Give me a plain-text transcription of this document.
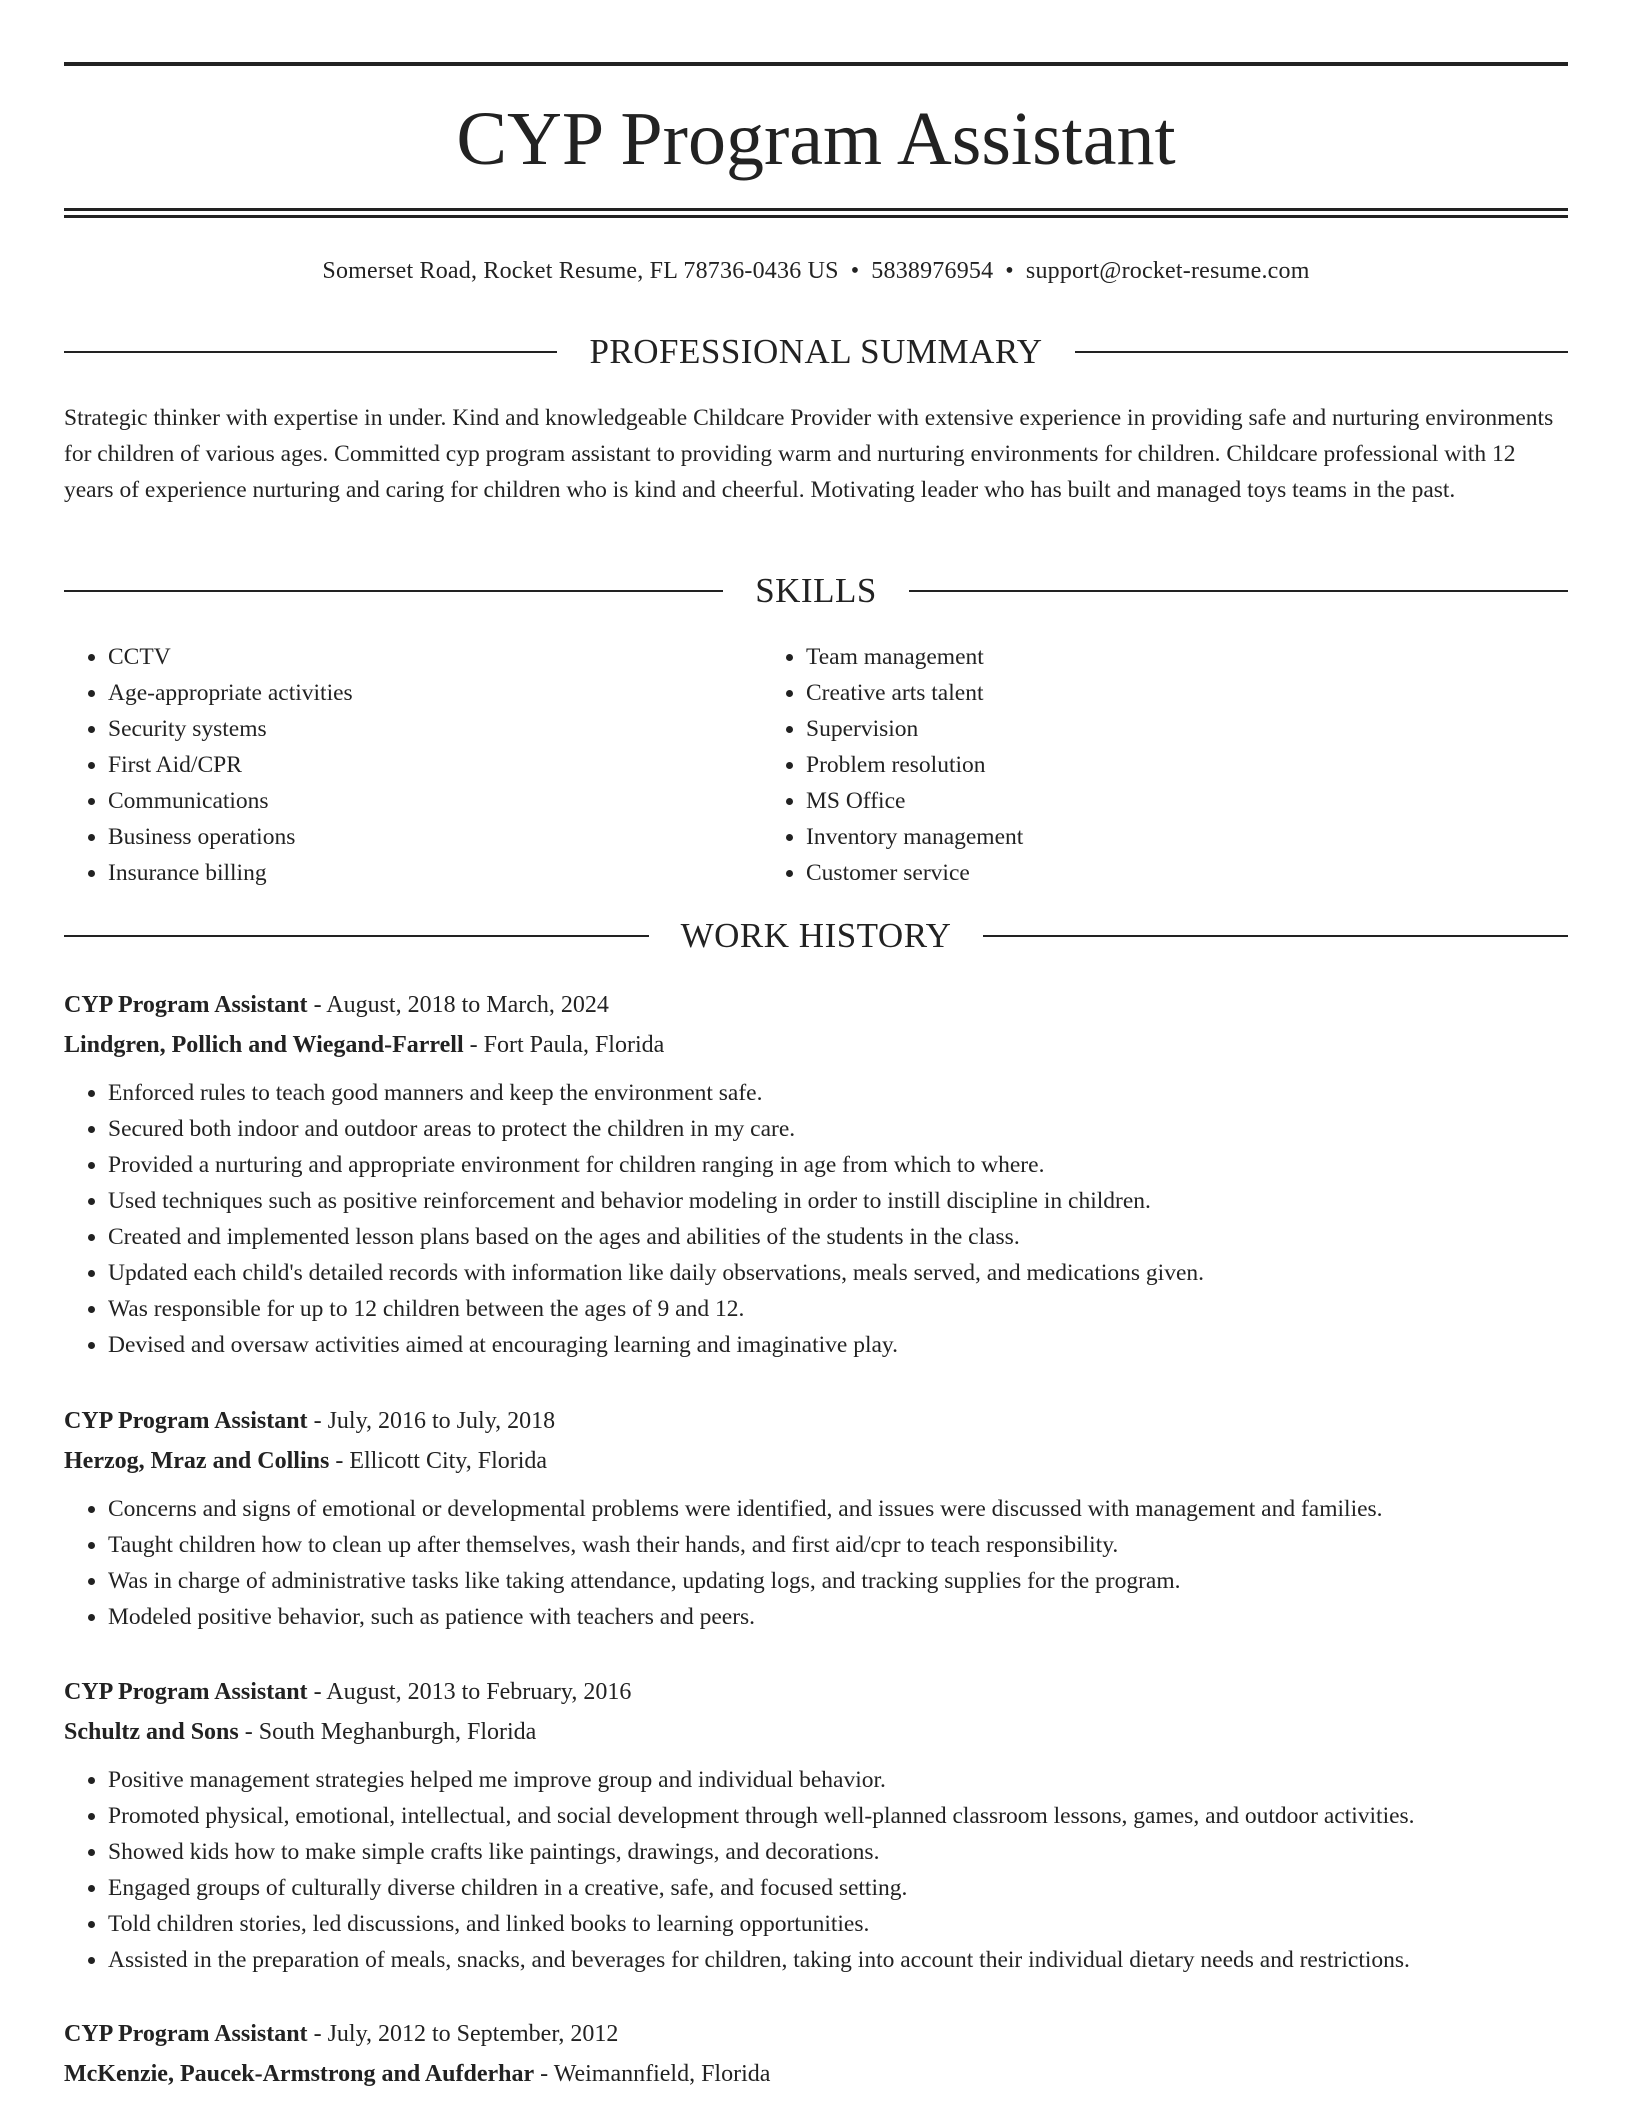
CYP Program Assistant
Somerset Road, Rocket Resume, FL 78736-0436 US • 5838976954 • support@rocket-resume.com
PROFESSIONAL SUMMARY

Strategic thinker with expertise in under. Kind and knowledgeable Childcare Provider with extensive experience in providing safe and nurturing environments for children of various ages. Committed cyp program assistant to providing warm and nurturing environments for children. Childcare professional with 12 years of experience nurturing and caring for children who is kind and cheerful. Motivating leader who has built and managed toys teams in the past.

SKILLS
• CCTV
• Age-appropriate activities
• Security systems
• First Aid/CPR
• Communications
• Business operations
• Insurance billing
• Team management
• Creative arts talent
• Supervision
• Problem resolution
• MS Office
• Inventory management
• Customer service
WORK HISTORY
CYP Program Assistant - August, 2018 to March, 2024
Lindgren, Pollich and Wiegand-Farrell - Fort Paula, Florida
• Enforced rules to teach good manners and keep the environment safe.
• Secured both indoor and outdoor areas to protect the children in my care.
• Provided a nurturing and appropriate environment for children ranging in age from which to where.
• Used techniques such as positive reinforcement and behavior modeling in order to instill discipline in children.
• Created and implemented lesson plans based on the ages and abilities of the students in the class.
• Updated each child's detailed records with information like daily observations, meals served, and medications given.
• Was responsible for up to 12 children between the ages of 9 and 12.
• Devised and oversaw activities aimed at encouraging learning and imaginative play.
CYP Program Assistant - July, 2016 to July, 2018
Herzog, Mraz and Collins - Ellicott City, Florida
• Concerns and signs of emotional or developmental problems were identified, and issues were discussed with management and families.
• Taught children how to clean up after themselves, wash their hands, and first aid/cpr to teach responsibility.
• Was in charge of administrative tasks like taking attendance, updating logs, and tracking supplies for the program.
• Modeled positive behavior, such as patience with teachers and peers.
CYP Program Assistant - August, 2013 to February, 2016
Schultz and Sons - South Meghanburgh, Florida
• Positive management strategies helped me improve group and individual behavior.
• Promoted physical, emotional, intellectual, and social development through well-planned classroom lessons, games, and outdoor activities.
• Showed kids how to make simple crafts like paintings, drawings, and decorations.
• Engaged groups of culturally diverse children in a creative, safe, and focused setting.
• Told children stories, led discussions, and linked books to learning opportunities.
• Assisted in the preparation of meals, snacks, and beverages for children, taking into account their individual dietary needs and restrictions.
CYP Program Assistant - July, 2012 to September, 2012
McKenzie, Paucek-Armstrong and Aufderhar - Weimannfield, Florida
